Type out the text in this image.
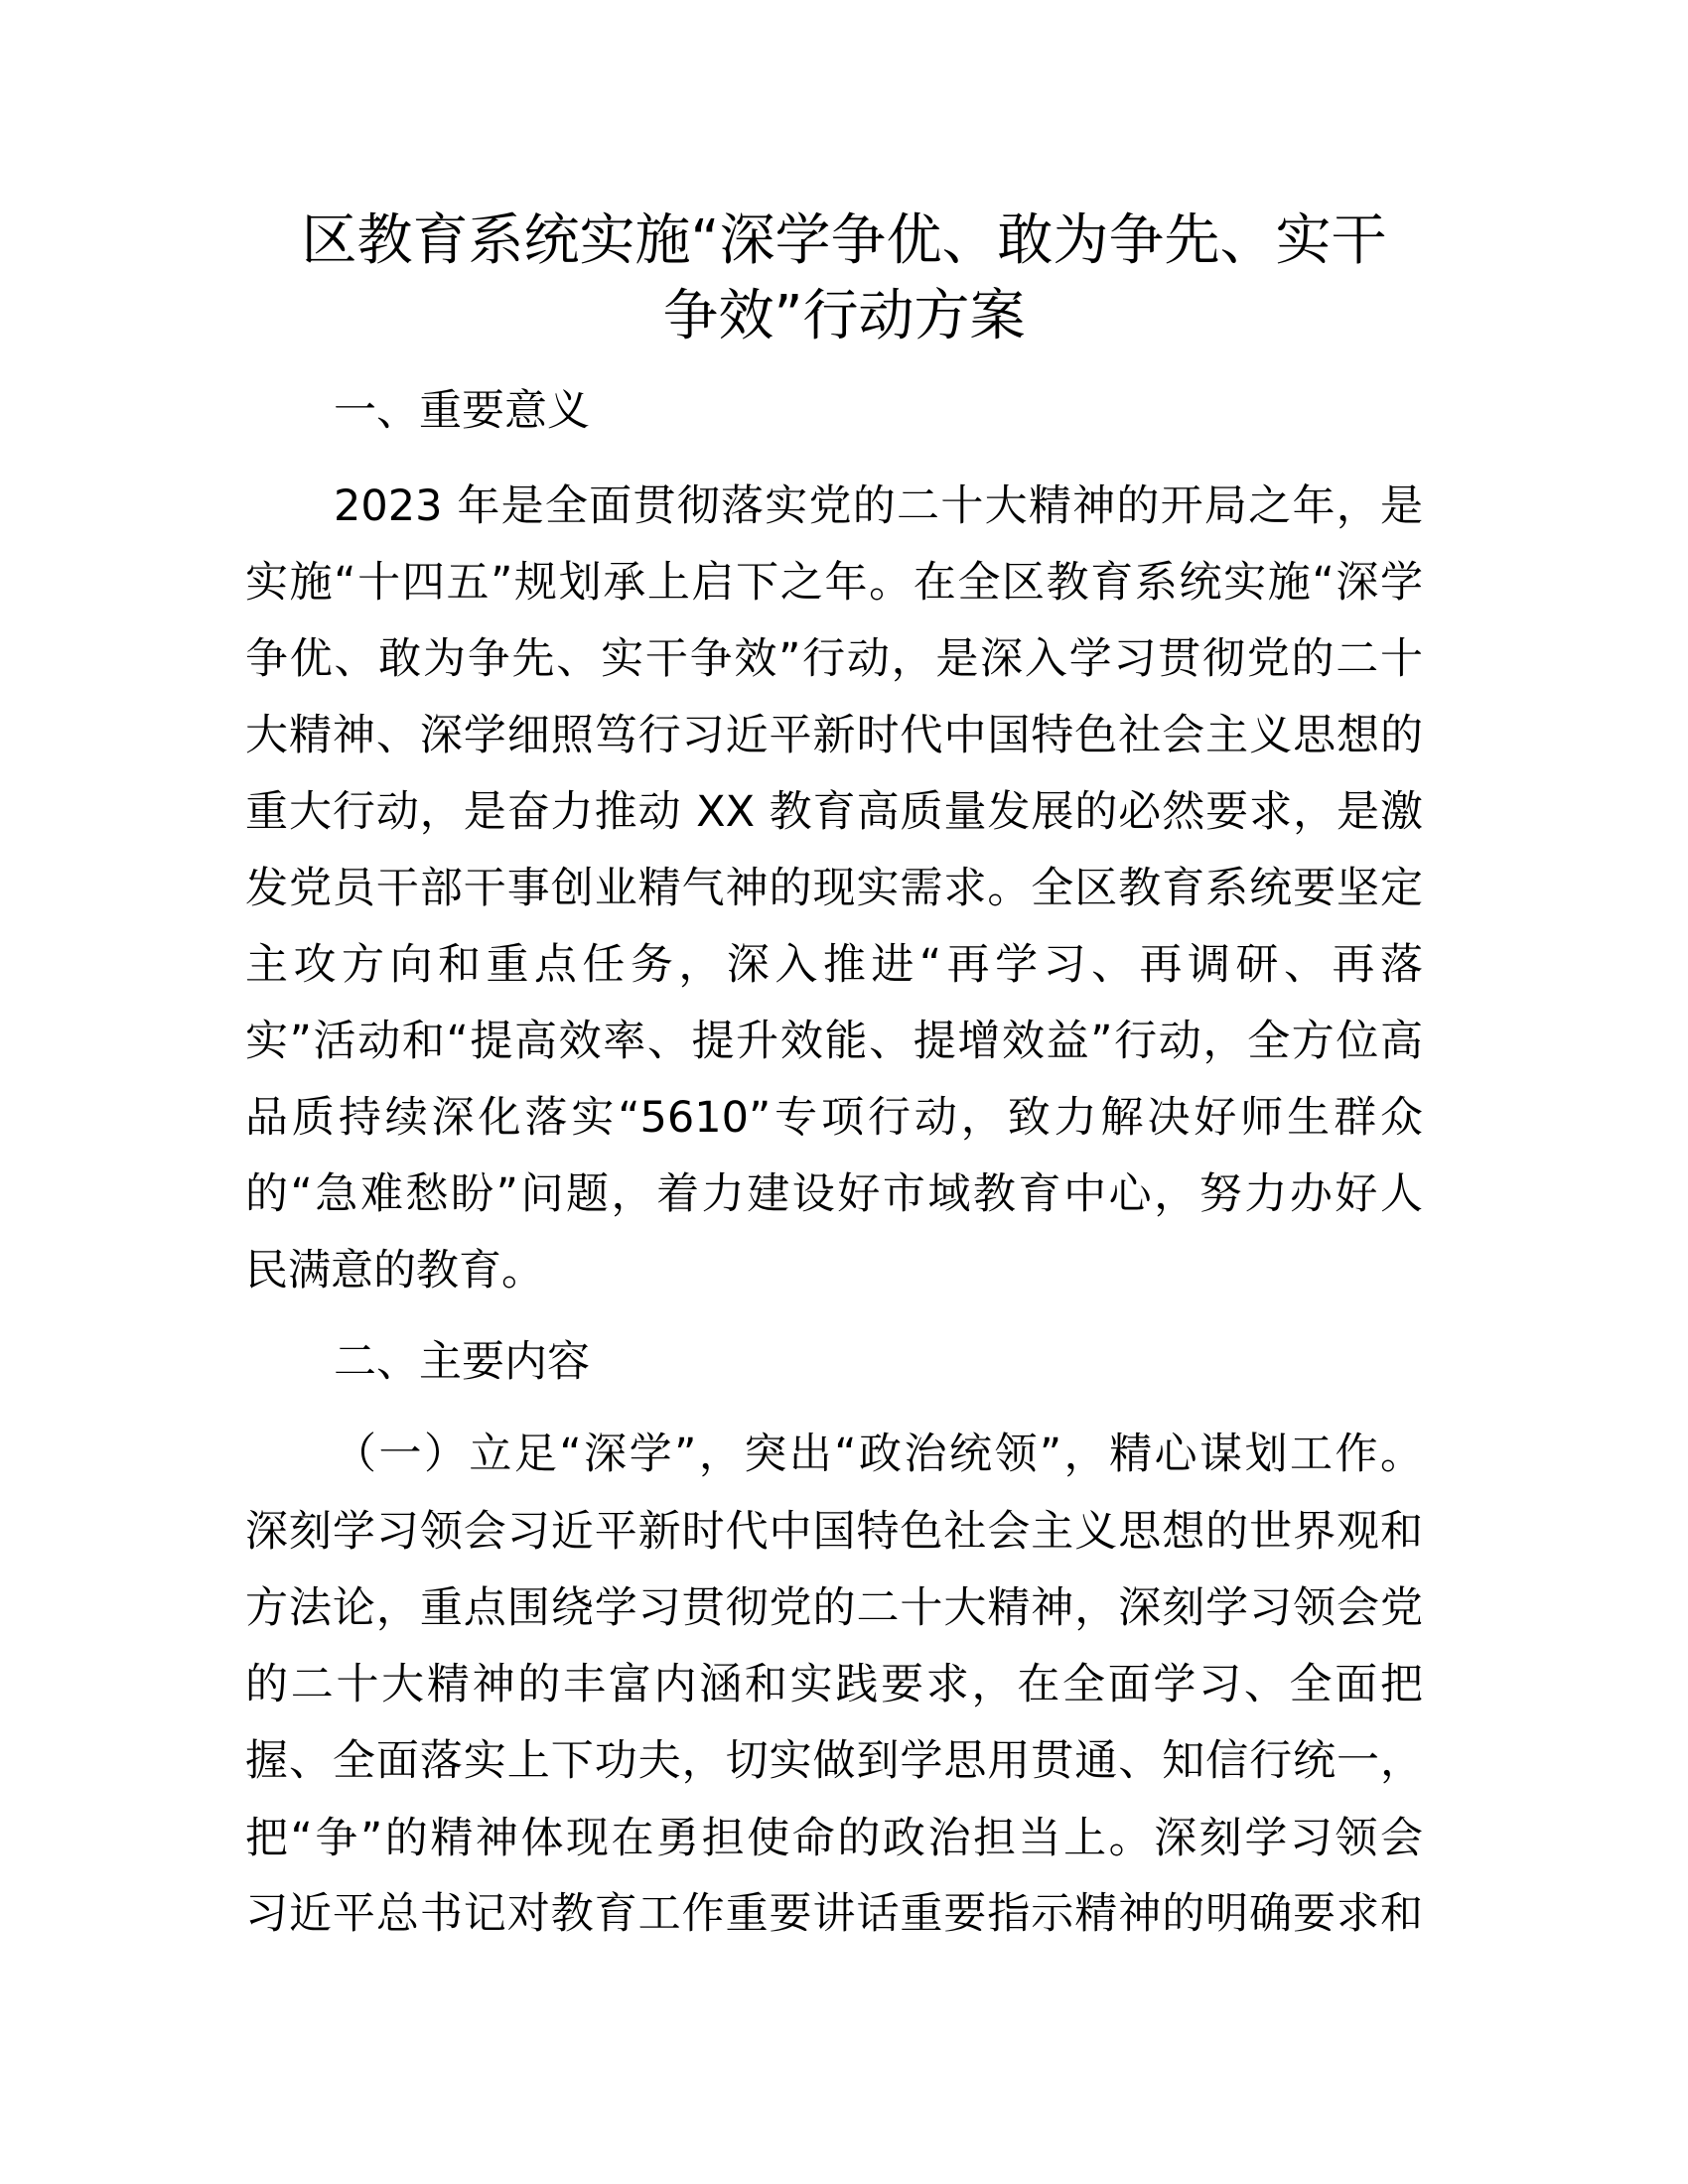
区教育系统实施“深学争优、敢为争先、实干
争效”行动方案
一、重要意义
2023 年是全面贯彻落实党的二十大精神的开局之年，是
实施“十四五”规划承上启下之年。在全区教育系统实施“深学
争优、敢为争先、实干争效”行动，是深入学习贯彻党的二十
大精神、深学细照笃行习近平新时代中国特色社会主义思想的
重大行动，是奋力推动 XX 教育高质量发展的必然要求，是激
发党员干部干事创业精气神的现实需求。全区教育系统要坚定
主攻方向和重点任务，深入推进“再学习、再调研、再落
实”活动和“提高效率、提升效能、提增效益”行动，全方位高
品质持续深化落实“5610”专项行动，致力解决好师生群众
的“急难愁盼”问题，着力建设好市域教育中心，努力办好人
民满意的教育。
二、主要内容
（一）立足“深学”，突出“政治统领”，精心谋划工作。
深刻学习领会习近平新时代中国特色社会主义思想的世界观和
方法论，重点围绕学习贯彻党的二十大精神，深刻学习领会党
的二十大精神的丰富内涵和实践要求，在全面学习、全面把
握、全面落实上下功夫，切实做到学思用贯通、知信行统一，
把“争”的精神体现在勇担使命的政治担当上。深刻学习领会
习近平总书记对教育工作重要讲话重要指示精神的明确要求和
